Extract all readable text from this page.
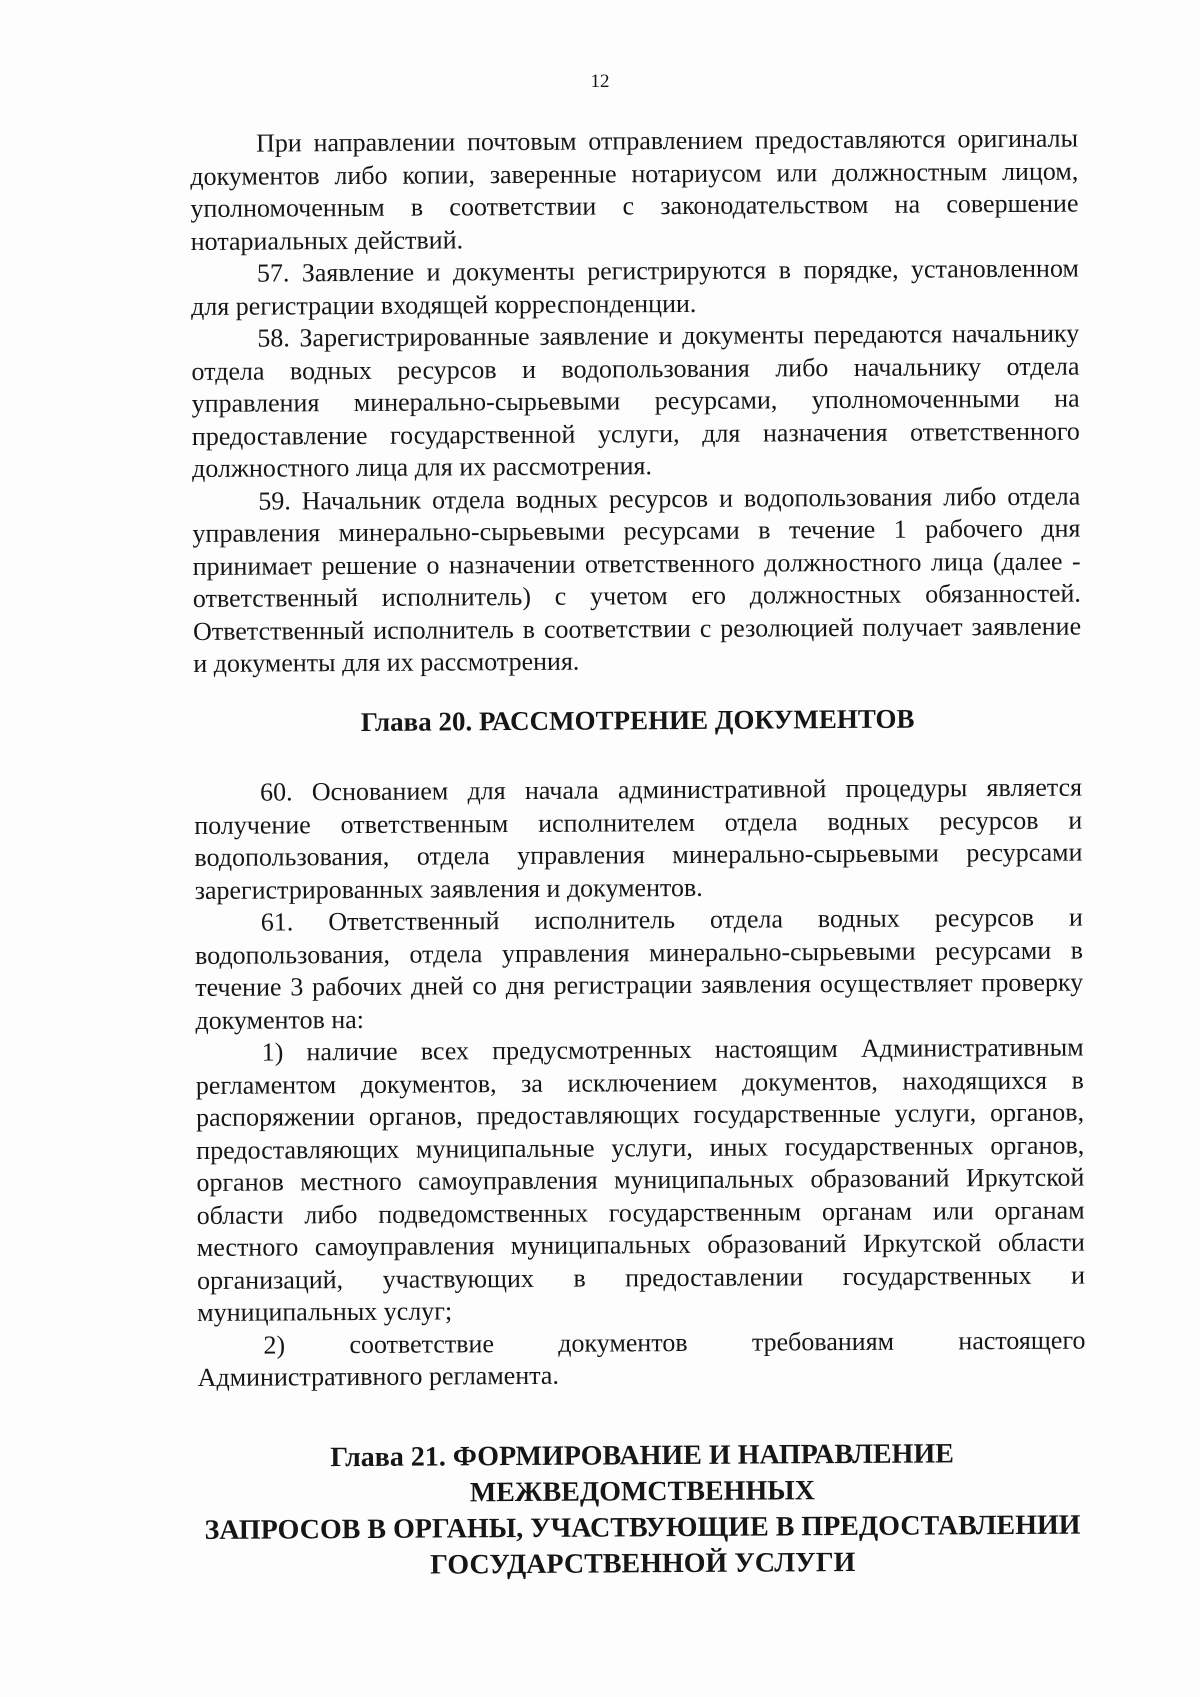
12

При направлении почтовым отправлением предоставляются оригиналы документов либо копии, заверенные нотариусом или должностным лицом, уполномоченным в соответствии с законодательством на совершение нотариальных действий.

57. Заявление и документы регистрируются в порядке, установленном для регистрации входящей корреспонденции.

58. Зарегистрированные заявление и документы передаются начальнику отдела водных ресурсов и водопользования либо начальнику отдела управления минерально-сырьевыми ресурсами, уполномоченными на предоставление государственной услуги, для назначения ответственного должностного лица для их рассмотрения.

59. Начальник отдела водных ресурсов и водопользования либо отдела управления минерально-сырьевыми ресурсами в течение 1 рабочего дня принимает решение о назначении ответственного должностного лица (далее - ответственный исполнитель) с учетом его должностных обязанностей. Ответственный исполнитель в соответствии с резолюцией получает заявление и документы для их рассмотрения.

Глава 20. РАССМОТРЕНИЕ ДОКУМЕНТОВ

60. Основанием для начала административной процедуры является получение ответственным исполнителем отдела водных ресурсов и водопользования, отдела управления минерально-сырьевыми ресурсами зарегистрированных заявления и документов.

61. Ответственный исполнитель отдела водных ресурсов и водопользования, отдела управления минерально-сырьевыми ресурсами в течение 3 рабочих дней со дня регистрации заявления осуществляет проверку документов на:

1) наличие всех предусмотренных настоящим Административным регламентом документов, за исключением документов, находящихся в распоряжении органов, предоставляющих государственные услуги, органов, предоставляющих муниципальные услуги, иных государственных органов, органов местного самоуправления муниципальных образований Иркутской области либо подведомственных государственным органам или органам местного самоуправления муниципальных образований Иркутской области организаций, участвующих в предоставлении государственных и муниципальных услуг;

2) соответствие документов требованиям настоящего Административного регламента.

Глава 21. ФОРМИРОВАНИЕ И НАПРАВЛЕНИЕ МЕЖВЕДОМСТВЕННЫХ
ЗАПРОСОВ В ОРГАНЫ, УЧАСТВУЮЩИЕ В ПРЕДОСТАВЛЕНИИ
ГОСУДАРСТВЕННОЙ УСЛУГИ
